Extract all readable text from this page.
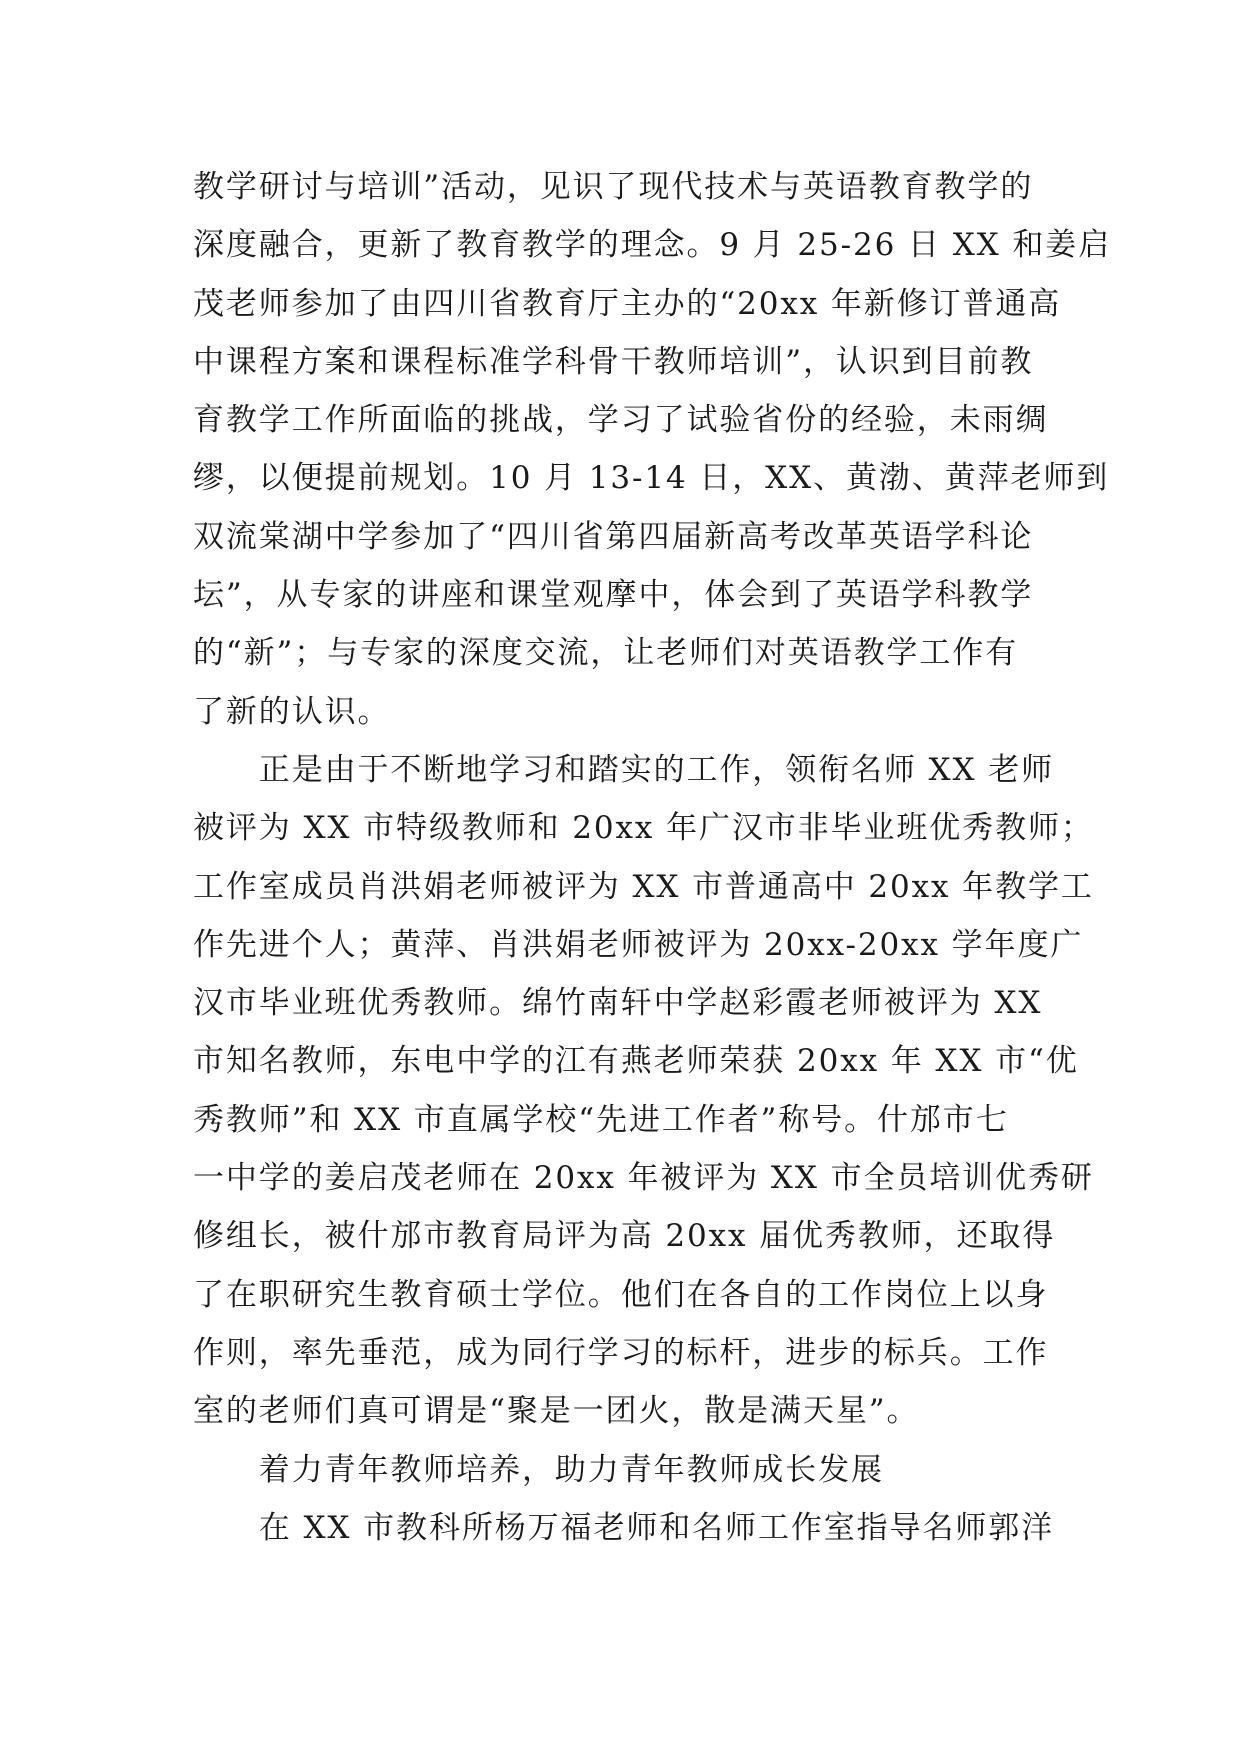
教学研讨与培训”活动，见识了现代技术与英语教育教学的
深度融合，更新了教育教学的理念。9 月 25-26 日 XX 和姜启
茂老师参加了由四川省教育厅主办的“20xx 年新修订普通高
中课程方案和课程标准学科骨干教师培训”，认识到目前教
育教学工作所面临的挑战，学习了试验省份的经验，未雨绸
缪，以便提前规划。10 月 13-14 日，XX、黄渤、黄萍老师到
双流棠湖中学参加了“四川省第四届新高考改革英语学科论
坛”，从专家的讲座和课堂观摩中，体会到了英语学科教学
的“新”；与专家的深度交流，让老师们对英语教学工作有
了新的认识。
　　正是由于不断地学习和踏实的工作，领衔名师 XX 老师
被评为 XX 市特级教师和 20xx 年广汉市非毕业班优秀教师；
工作室成员肖洪娟老师被评为 XX 市普通高中 20xx 年教学工
作先进个人；黄萍、肖洪娟老师被评为 20xx-20xx 学年度广
汉市毕业班优秀教师。绵竹南轩中学赵彩霞老师被评为 XX
市知名教师，东电中学的江有燕老师荣获 20xx 年 XX 市“优
秀教师”和 XX 市直属学校“先进工作者”称号。什邡市七
一中学的姜启茂老师在 20xx 年被评为 XX 市全员培训优秀研
修组长，被什邡市教育局评为高 20xx 届优秀教师，还取得
了在职研究生教育硕士学位。他们在各自的工作岗位上以身
作则，率先垂范，成为同行学习的标杆，进步的标兵。工作
室的老师们真可谓是“聚是一团火，散是满天星”。
　　着力青年教师培养，助力青年教师成长发展
　　在 XX 市教科所杨万福老师和名师工作室指导名师郭洋
